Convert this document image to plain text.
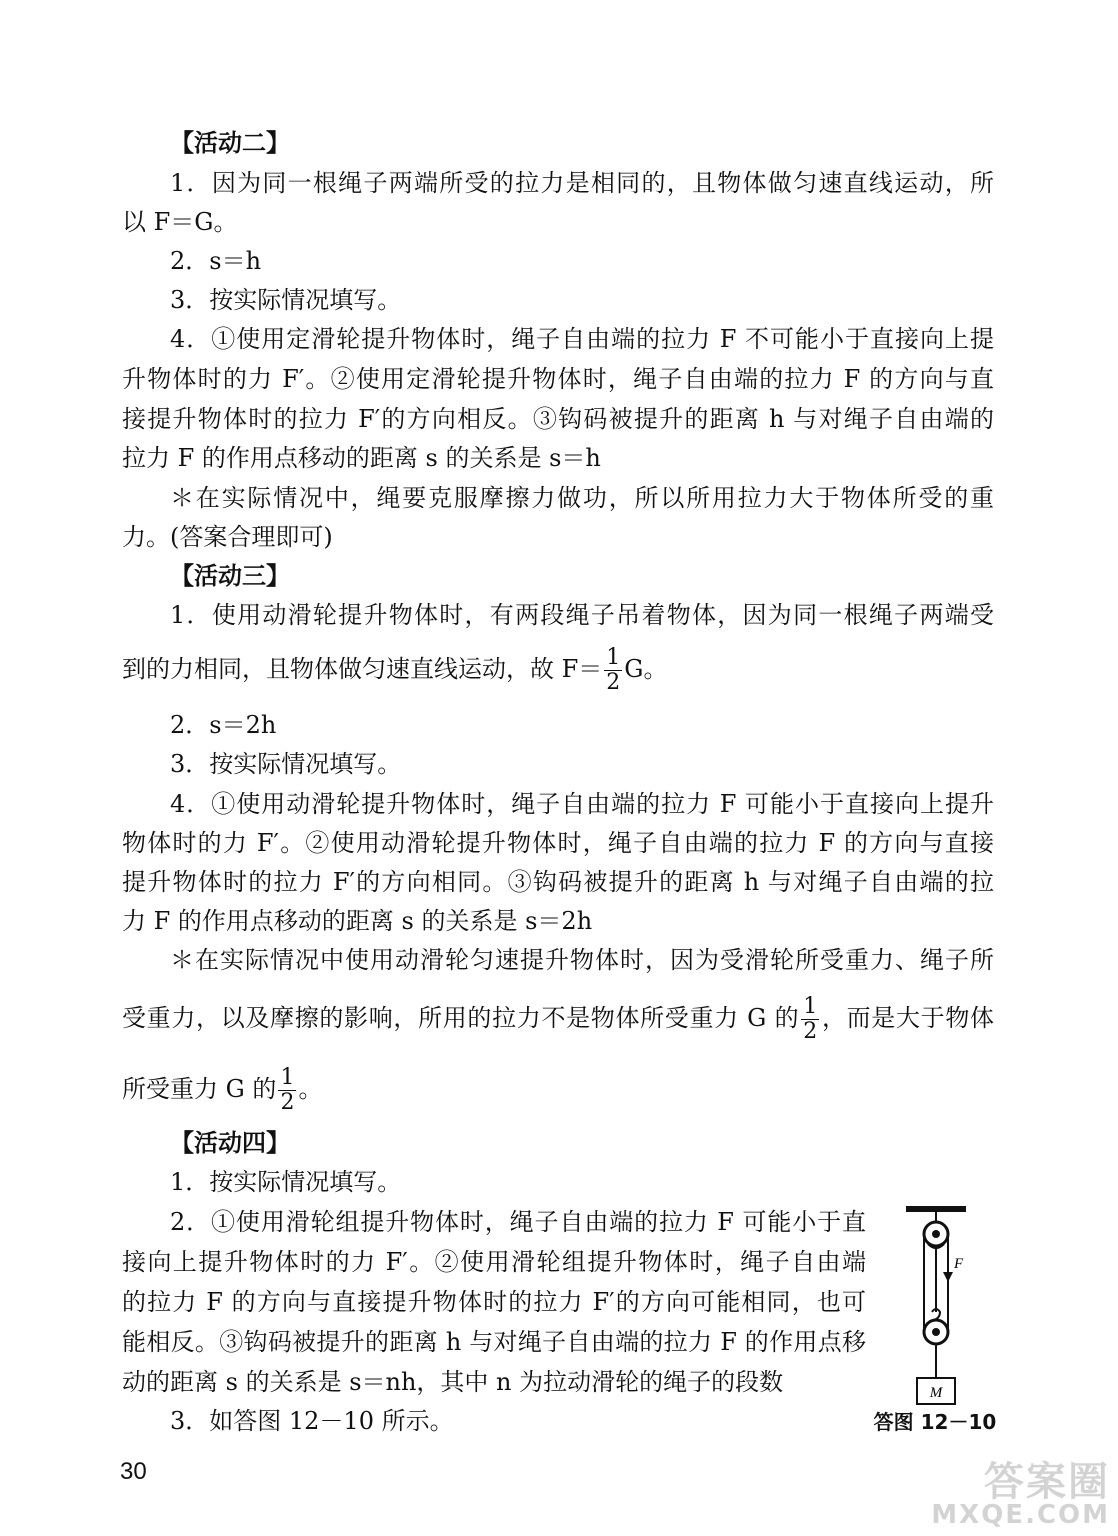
【活动二】
1．因为同一根绳子两端所受的拉力是相同的，且物体做匀速直线运动，所
以 F＝G。
2．s＝h
3．按实际情况填写。
4．①使用定滑轮提升物体时，绳子自由端的拉力 F 不可能小于直接向上提
升物体时的力 F′。②使用定滑轮提升物体时，绳子自由端的拉力 F 的方向与直
接提升物体时的拉力 F′的方向相反。③钩码被提升的距离 h 与对绳子自由端的
拉力 F 的作用点移动的距离 s 的关系是 s＝h
＊在实际情况中，绳要克服摩擦力做功，所以所用拉力大于物体所受的重
力。(答案合理即可)
【活动三】
1．使用动滑轮提升物体时，有两段绳子吊着物体，因为同一根绳子两端受
到的力相同，且物体做匀速直线运动，故 $F= \frac{1}{2}$ G。
2．s＝2h
3．按实际情况填写。
4．①使用动滑轮提升物体时，绳子自由端的拉力 F 可能小于直接向上提升
物体时的力 F′。②使用动滑轮提升物体时，绳子自由端的拉力 F 的方向与直接
提升物体时的拉力 F′的方向相同。③钩码被提升的距离 h 与对绳子自由端的拉
力 F 的作用点移动的距离 s 的关系是 s＝2h
＊在实际情况中使用动滑轮匀速提升物体时，因为受滑轮所受重力、绳子所
受重力，以及摩擦的影响，所用的拉力不是物体所受重力 G 的 $\frac{1}{2}$ ，而是大于物体
所受重力 G 的 $\frac{1}{2}$ 。
【活动四】
1．按实际情况填写。
2．①使用滑轮组提升物体时，绳子自由端的拉力 F 可能小于直
接向上提升物体时的力 F′。②使用滑轮组提升物体时，绳子自由端
的拉力 F 的方向与直接提升物体时的拉力 F′的方向可能相同，也可
能相反。③钩码被提升的距离 h 与对绳子自由端的拉力 F 的作用点移
动的距离 s 的关系是 s＝nh，其中 n 为拉动滑轮的绳子的段数
3．如答图 12－10 所示。
F
M
答图 12－10
30	答案圈
MXQE.COM
